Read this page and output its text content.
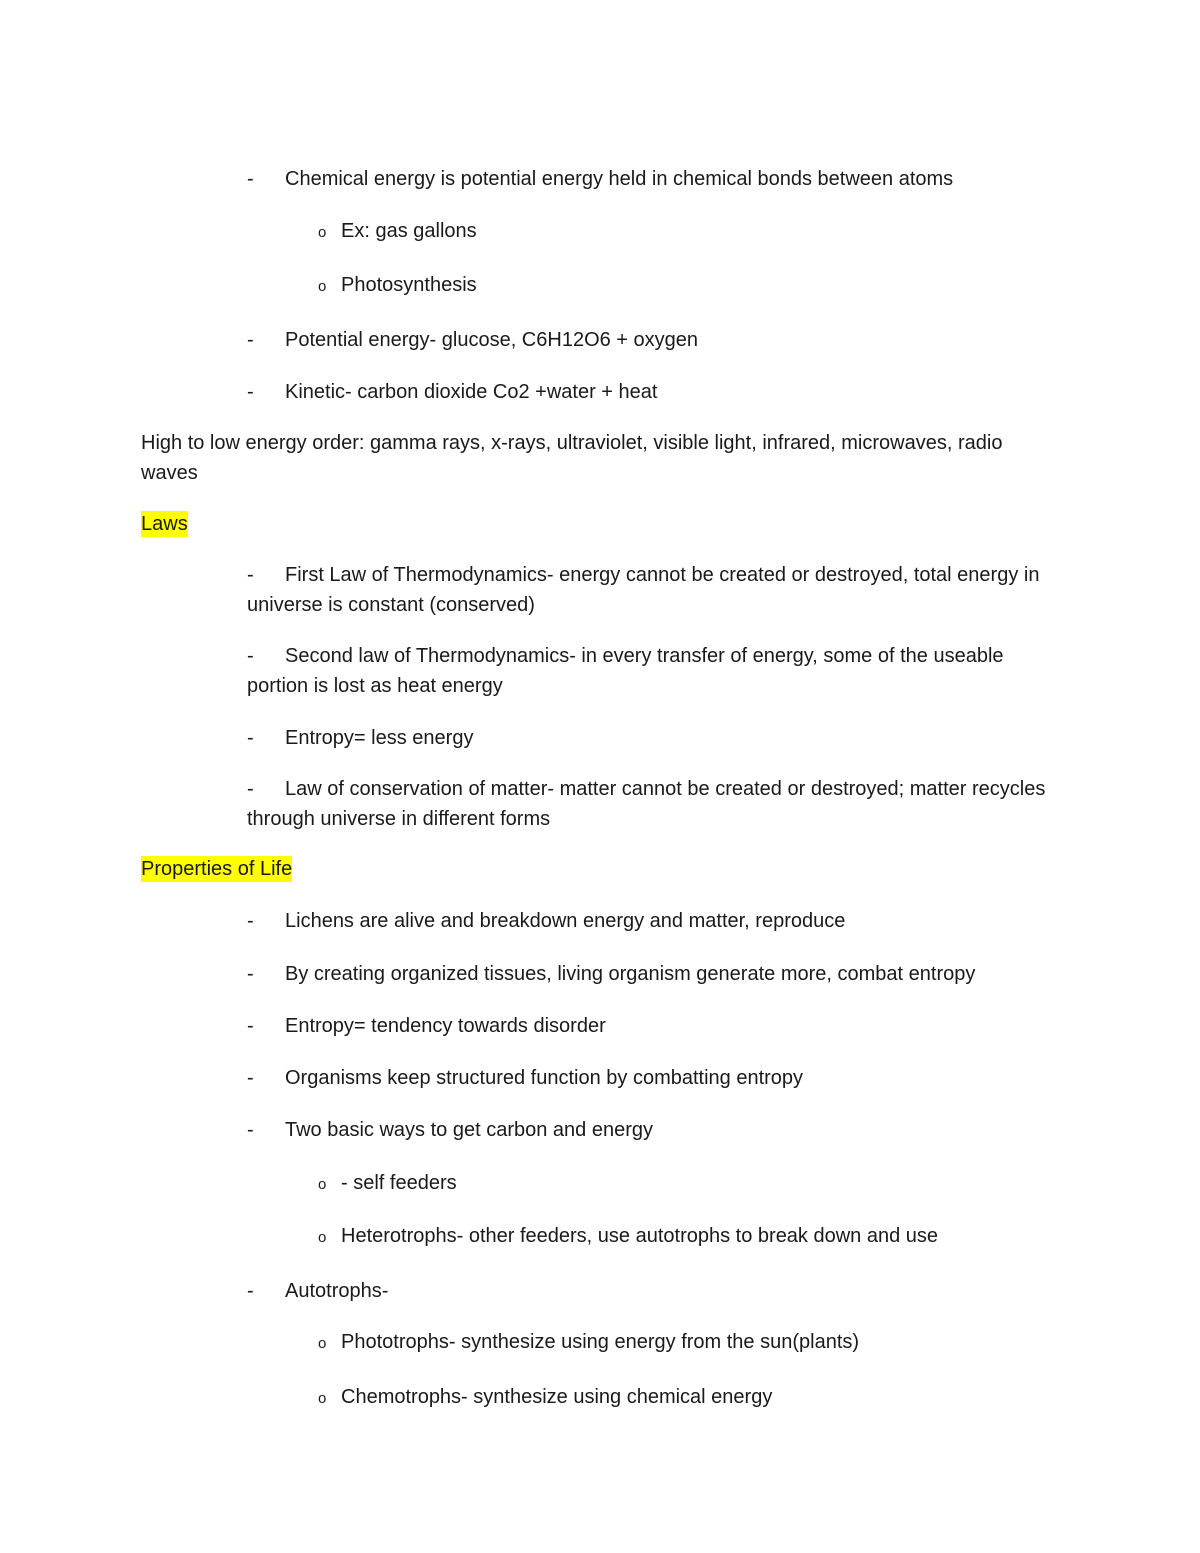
- Chemical energy is potential energy held in chemical bonds between atoms
o Ex: gas gallons
o Photosynthesis
- Potential energy- glucose, C6H12O6 + oxygen
- Kinetic- carbon dioxide Co2 +water + heat
High to low energy order: gamma rays, x-rays, ultraviolet, visible light, infrared, microwaves, radio waves
Laws
- First Law of Thermodynamics- energy cannot be created or destroyed, total energy in universe is constant (conserved)
- Second law of Thermodynamics- in every transfer of energy, some of the useable portion is lost as heat energy
- Entropy= less energy
- Law of conservation of matter- matter cannot be created or destroyed; matter recycles through universe in different forms
Properties of Life
- Lichens are alive and breakdown energy and matter, reproduce
- By creating organized tissues, living organism generate more, combat entropy
- Entropy= tendency towards disorder
- Organisms keep structured function by combatting entropy
- Two basic ways to get carbon and energy
o - self feeders
o Heterotrophs- other feeders, use autotrophs to break down and use
- Autotrophs-
o Phototrophs- synthesize using energy from the sun(plants)
o Chemotrophs- synthesize using chemical energy
